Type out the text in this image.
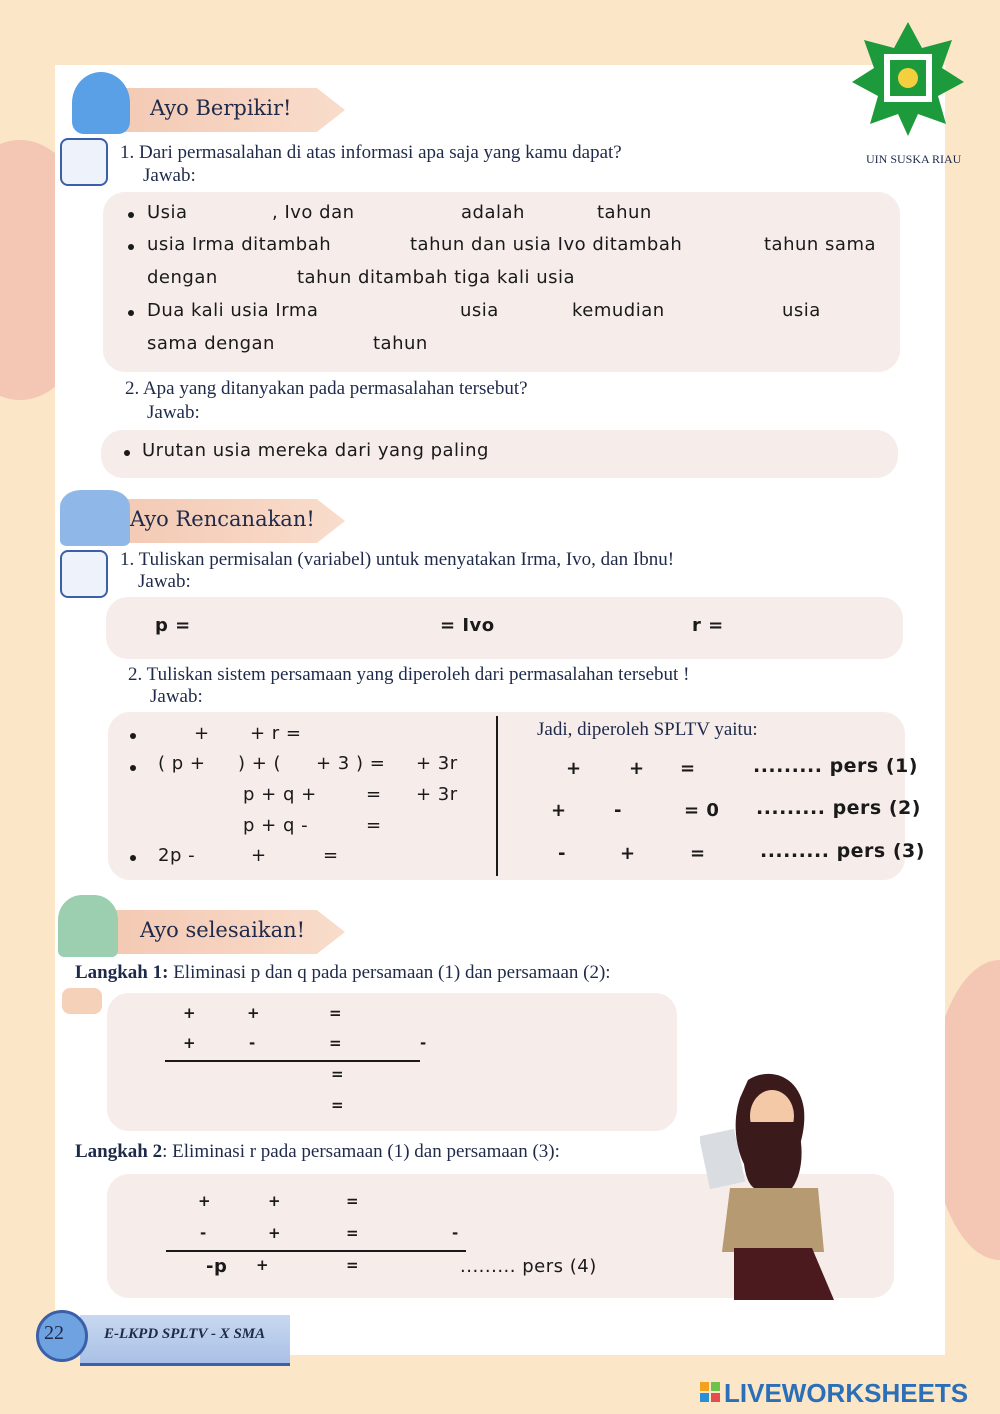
UIN SUSKA RIAU
Ayo Berpikir!
1. Dari permasalahan di atas informasi apa saja yang kamu dapat?
Jawab:
Usia	, Ivo dan	adalah	tahun
usia Irma ditambah	tahun dan usia Ivo ditambah	tahun sama
dengan	tahun ditambah tiga kali usia
Dua kali usia Irma	usia	kemudian	usia
sama dengan	tahun
2. Apa yang ditanyakan pada permasalahan tersebut?
Jawab:
Urutan usia mereka dari yang paling
Ayo Rencanakan!
1. Tuliskan permisalan (variabel) untuk menyatakan Irma, Ivo, dan Ibnu!
Jawab:
p =	= Ivo	r =
2. Tuliskan sistem persamaan yang diperoleh dari permasalahan tersebut !
Jawab:
+ + r =
( p + ) + ( + 3 ) = + 3r
p + q +	= + 3r
p + q -	=
2p -	+	=
Jadi, diperoleh SPLTV yaitu:
+	+ =	......... pers (1)
+	-	= 0 ......... pers (2)
-	+	=	......... pers (3)
Ayo selesaikan!
Langkah 1: Eliminasi p dan q pada persamaan (1) dan persamaan (2):
+	+	=
+	-	=	-
=
=
Langkah 2: Eliminasi r pada persamaan (1) dan persamaan (3):
+	+	=
-	+	=	-
-p +	=	......... pers (4)
22	E-LKPD SPLTV - X SMA
LIVEWORKSHEETS
